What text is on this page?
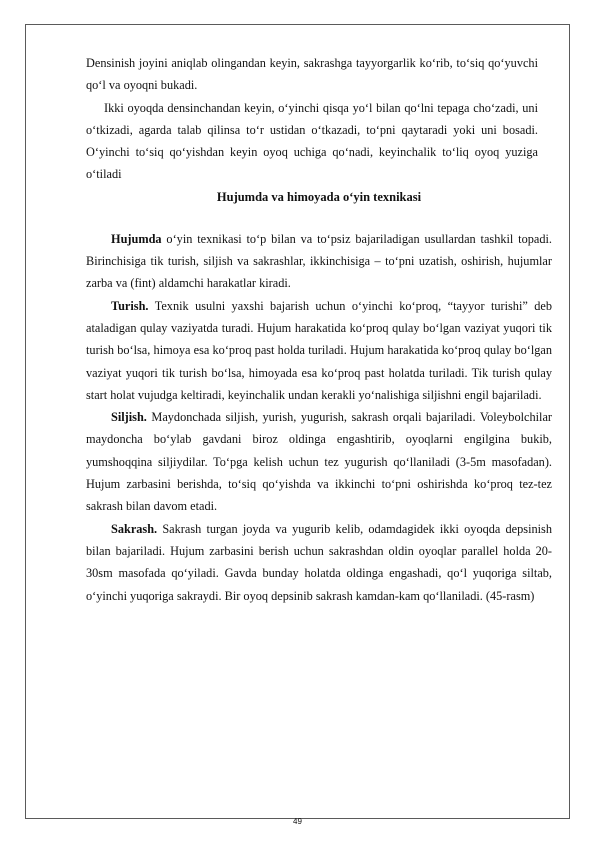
Densinish joyini aniqlab olingandan keyin, sakrashga tayyorgarlik ko‘rib, to‘siq qo‘yuvchi qo‘l va oyoqni bukadi.

Ikki oyoqda densinchandan keyin, o‘yinchi qisqa yo‘l bilan qo‘lni tepaga cho‘zadi, uni o‘tkizadi, agarda talab qilinsa to‘r ustidan o‘tkazadi, to‘pni qaytaradi yoki uni bosadi. O‘yinchi to‘siq qo‘yishdan keyin oyoq uchiga qo‘nadi, keyinchalik to‘liq oyoq yuziga o‘tiladi

Hujumda va himoyada o‘yin texnikasi

Hujumda o‘yin texnikasi to‘p bilan va to‘psiz bajariladigan usullardan tashkil topadi. Birinchisiga tik turish, siljish va sakrashlar, ikkinchisiga – to‘pni uzatish, oshirish, hujumlar zarba va (fint) aldamchi harakatlar kiradi.

Turish. Texnik usulni yaxshi bajarish uchun o‘yinchi ko‘proq, “tayyor turishi” deb ataladigan qulay vaziyatda turadi. Hujum harakatida ko‘proq qulay bo‘lgan vaziyat yuqori tik turish bo‘lsa, himoya esa ko‘proq past holda turiladi. Hujum harakatida ko‘proq qulay bo‘lgan vaziyat yuqori tik turish bo‘lsa, himoyada esa ko‘proq past holatda turiladi. Tik turish qulay start holat vujudga keltiradi, keyinchalik undan kerakli yo‘nalishiga siljishni engil bajariladi.

Siljish. Maydonchada siljish, yurish, yugurish, sakrash orqali bajariladi. Voleybolchilar maydoncha bo‘ylab gavdani biroz oldinga engashtirib, oyoqlarni engilgina bukib, yumshoqqina siljiydilar. To‘pga kelish uchun tez yugurish qo‘llaniladi (3-5m masofadan). Hujum zarbasini berishda, to‘siq qo‘yishda va ikkinchi to‘pni oshirishda ko‘proq tez-tez sakrash bilan davom etadi.

Sakrash. Sakrash turgan joyda va yugurib kelib, odamdagidek ikki oyoqda depsinish bilan bajariladi. Hujum zarbasini berish uchun sakrashdan oldin oyoqlar parallel holda 20-30sm masofada qo‘yiladi. Gavda bunday holatda oldinga engashadi, qo‘l yuqoriga siltab, o‘yinchi yuqoriga sakraydi. Bir oyoq depsinib sakrash kamdan-kam qo‘llaniladi. (45-rasm)

49
